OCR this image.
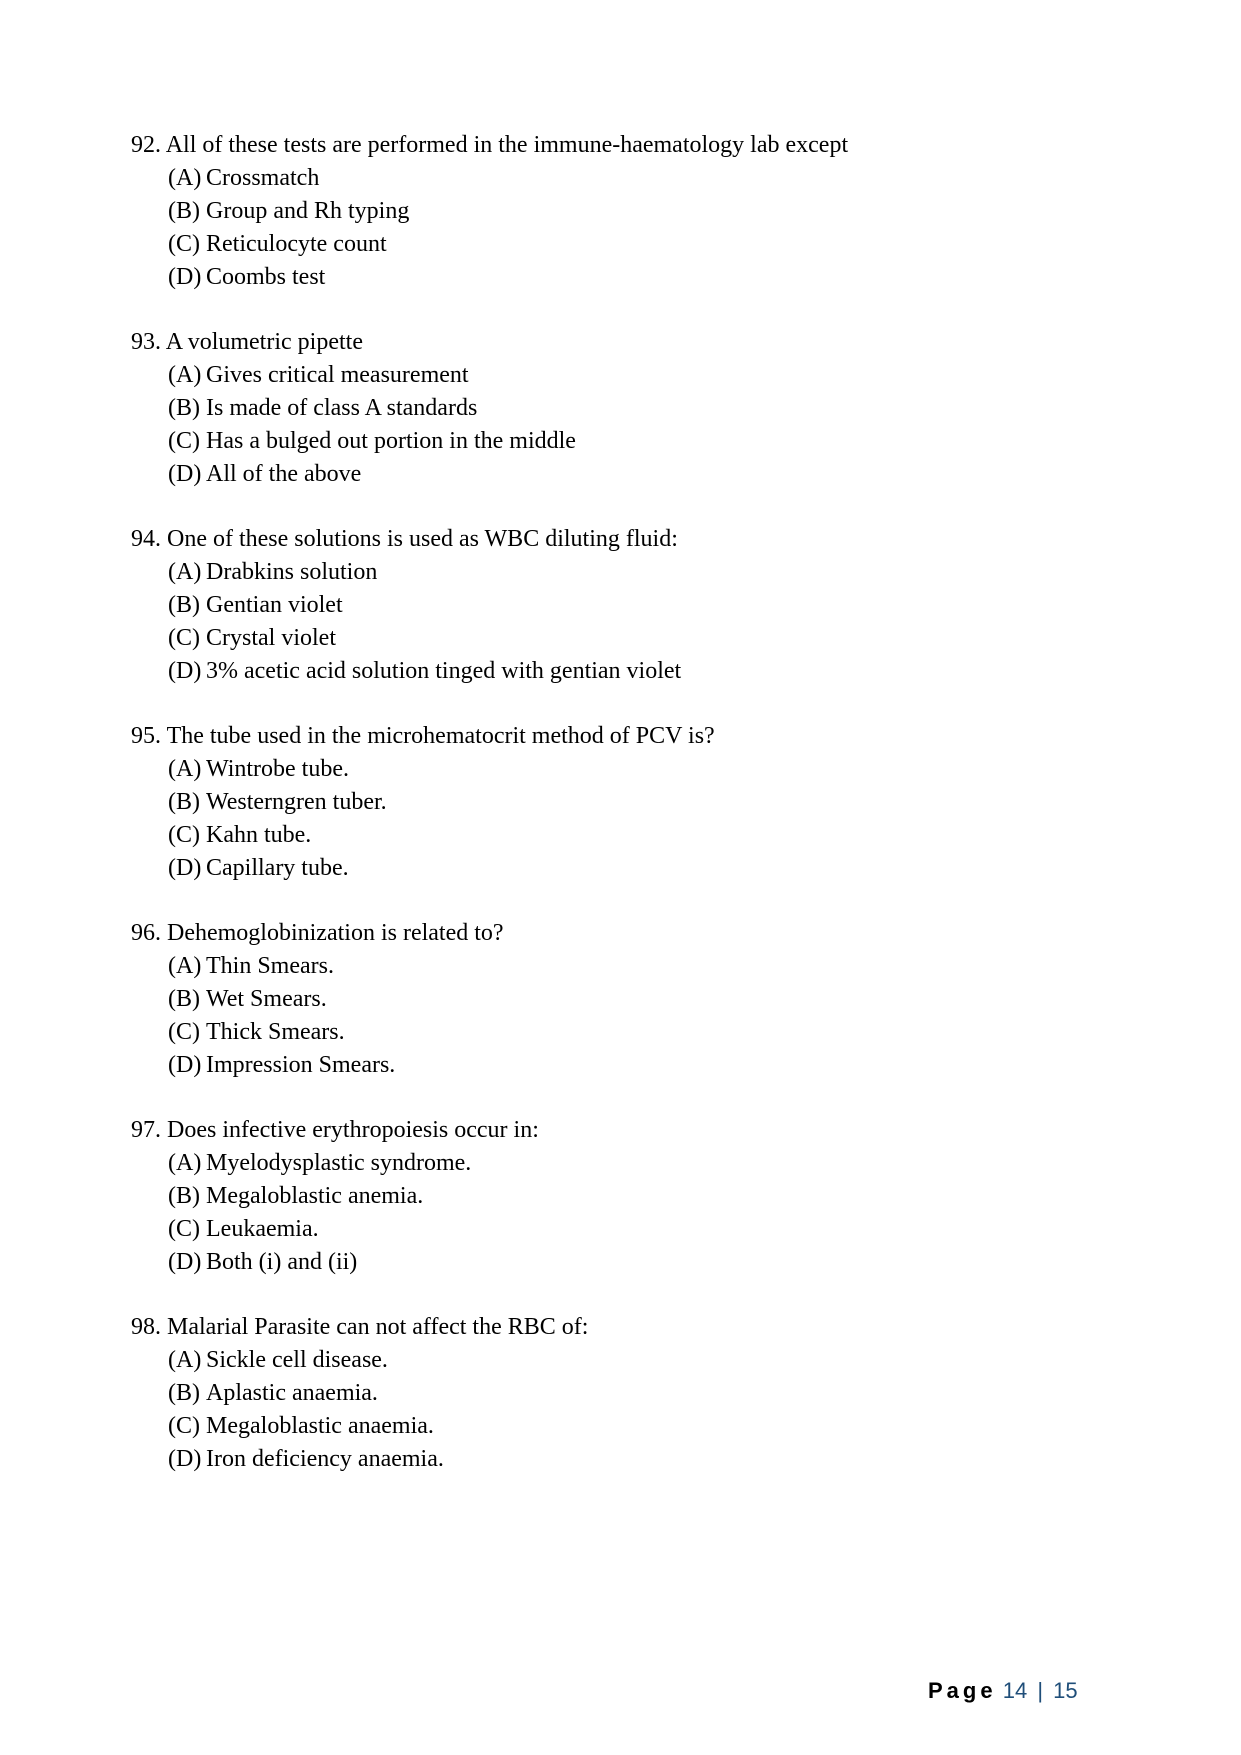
92. All of these tests are performed in the immune-haematology lab except
(A) Crossmatch
(B) Group and Rh typing
(C) Reticulocyte count
(D) Coombs test
93. A volumetric pipette
(A) Gives critical measurement
(B) Is made of class A standards
(C) Has a bulged out portion in the middle
(D) All of the above
94. One of these solutions is used as WBC diluting fluid:
(A) Drabkins solution
(B) Gentian violet
(C) Crystal violet
(D) 3% acetic acid solution tinged with gentian violet
95. The tube used in the microhematocrit method of PCV is?
(A) Wintrobe tube.
(B) Westerngren tuber.
(C) Kahn tube.
(D) Capillary tube.
96. Dehemoglobinization is related to?
(A) Thin Smears.
(B) Wet Smears.
(C) Thick Smears.
(D) Impression Smears.
97. Does infective erythropoiesis occur in:
(A) Myelodysplastic syndrome.
(B) Megaloblastic anemia.
(C) Leukaemia.
(D) Both (i) and (ii)
98. Malarial Parasite can not affect the RBC of:
(A) Sickle cell disease.
(B) Aplastic anaemia.
(C) Megaloblastic anaemia.
(D) Iron deficiency anaemia.
Page 14 | 15
